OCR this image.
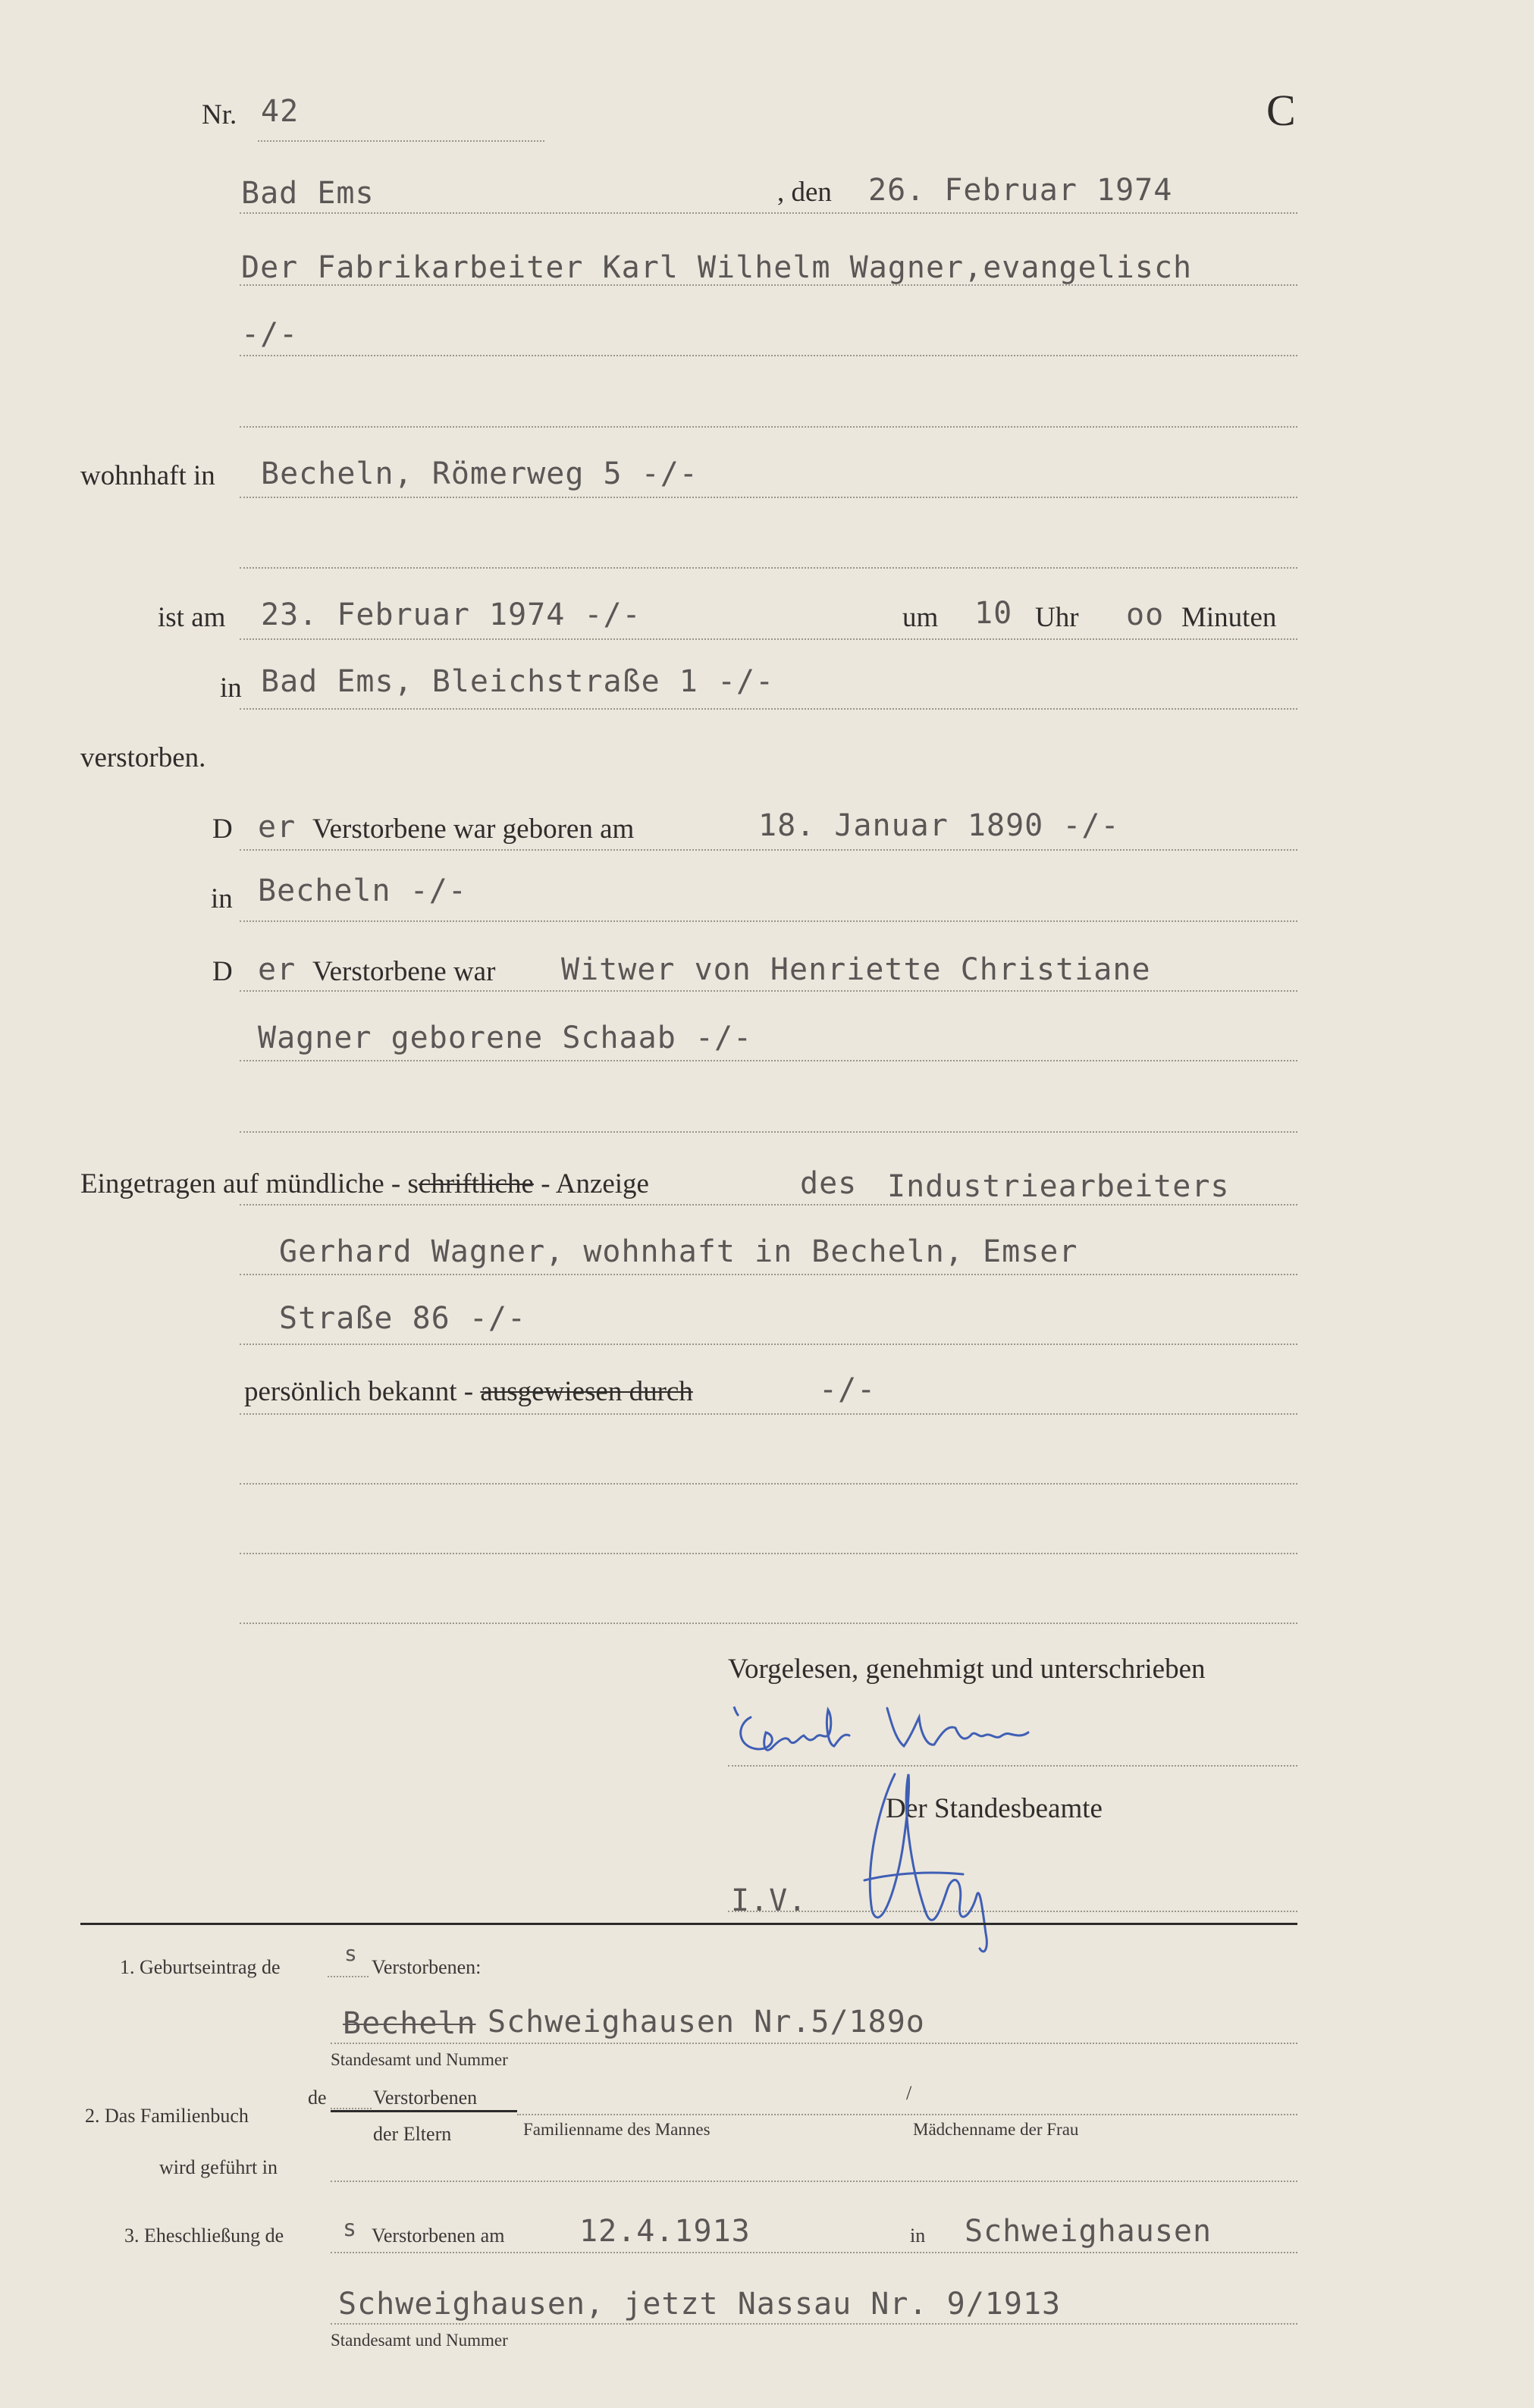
Nr. 42	C
Bad Ems	, den 26. Februar 1974
Der Fabrikarbeiter Karl Wilhelm Wagner,evangelisch
-/-
wohnhaft in Becheln, Römerweg 5 -/-
ist am 23. Februar 1974 -/-	um 10 Uhr oo Minuten
in Bad Ems, Bleichstraße 1 -/-
verstorben.
D er Verstorbene war geboren am	18. Januar 1890 -/-
in Becheln -/-
D er Verstorbene war Witwer von Henriette Christiane
Wagner geborene Schaab -/-
Eingetragen auf mündliche - schriftliche - Anzeige	des Industriearbeiters
Gerhard Wagner, wohnhaft in Becheln, Emser
Straße 86 -/-
persönlich bekannt - ausgewiesen durch	-/-
Vorgelesen, genehmigt und unterschrieben
D er Standesbeamte
I.V.
1. Geburtseintrag de
s
Verstorbenen:
Becheln Schweighausen Nr.5/189o
Standesamt und Nummer
2. Das Familienbuch
de Verstorbenen
der Eltern
/
Familienname des Mannes	Mädchenname der Frau
wird geführt in
3. Eheschließung de	s Verstorbenen am 12.4.1913	in Schweighausen
Schweighausen, jetzt Nassau Nr. 9/1913
Standesamt und Nummer
